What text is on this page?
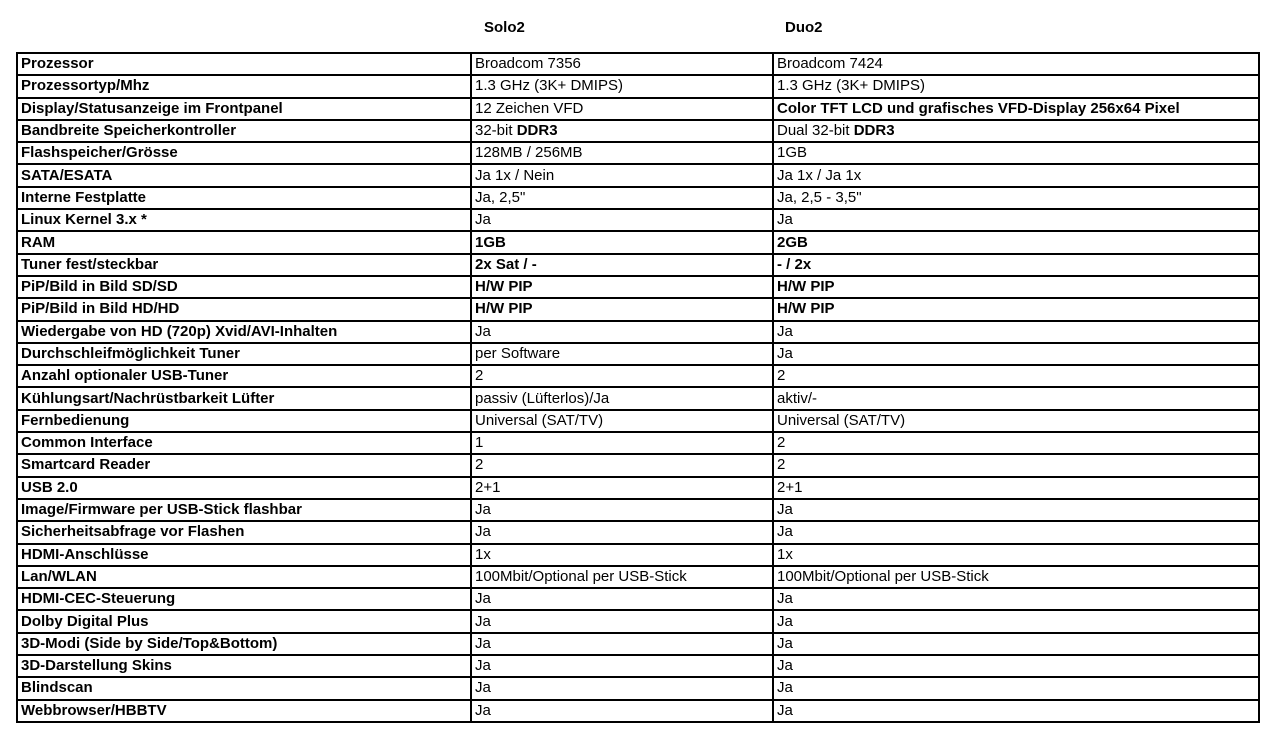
Solo2	Duo2
Prozessor	Broadcom 7356	Broadcom 7424
Prozessortyp/Mhz	1.3 GHz (3K+ DMIPS)	1.3 GHz (3K+ DMIPS)
Display/Statusanzeige im Frontpanel	12 Zeichen VFD	Color TFT LCD und grafisches VFD-Display 256x64 Pixel
Bandbreite Speicherkontroller	32-bit DDR3	Dual 32-bit DDR3
Flashspeicher/Grösse	128MB / 256MB	1GB
SATA/ESATA	Ja 1x / Nein	Ja 1x / Ja 1x
Interne Festplatte	Ja, 2,5"	Ja, 2,5 - 3,5"
Linux Kernel 3.x *	Ja	Ja
RAM	1GB	2GB
Tuner fest/steckbar	2x Sat / -	- / 2x
PiP/Bild in Bild SD/SD	H/W PIP	H/W PIP
PiP/Bild in Bild HD/HD	H/W PIP	H/W PIP
Wiedergabe von HD (720p) Xvid/AVI-Inhalten	Ja	Ja
Durchschleifmöglichkeit Tuner	per Software	Ja
Anzahl optionaler USB-Tuner	2	2
Kühlungsart/Nachrüstbarkeit Lüfter	passiv (Lüfterlos)/Ja	aktiv/-
Fernbedienung	Universal (SAT/TV)	Universal (SAT/TV)
Common Interface	1	2
Smartcard Reader	2	2
USB 2.0	2+1	2+1
Image/Firmware per USB-Stick flashbar	Ja	Ja
Sicherheitsabfrage vor Flashen	Ja	Ja
HDMI-Anschlüsse	1x	1x
Lan/WLAN	100Mbit/Optional per USB-Stick	100Mbit/Optional per USB-Stick
HDMI-CEC-Steuerung	Ja	Ja
Dolby Digital Plus	Ja	Ja
3D-Modi (Side by Side/Top&Bottom)	Ja	Ja
3D-Darstellung Skins	Ja	Ja
Blindscan	Ja	Ja
Webbrowser/HBBTV	Ja	Ja
